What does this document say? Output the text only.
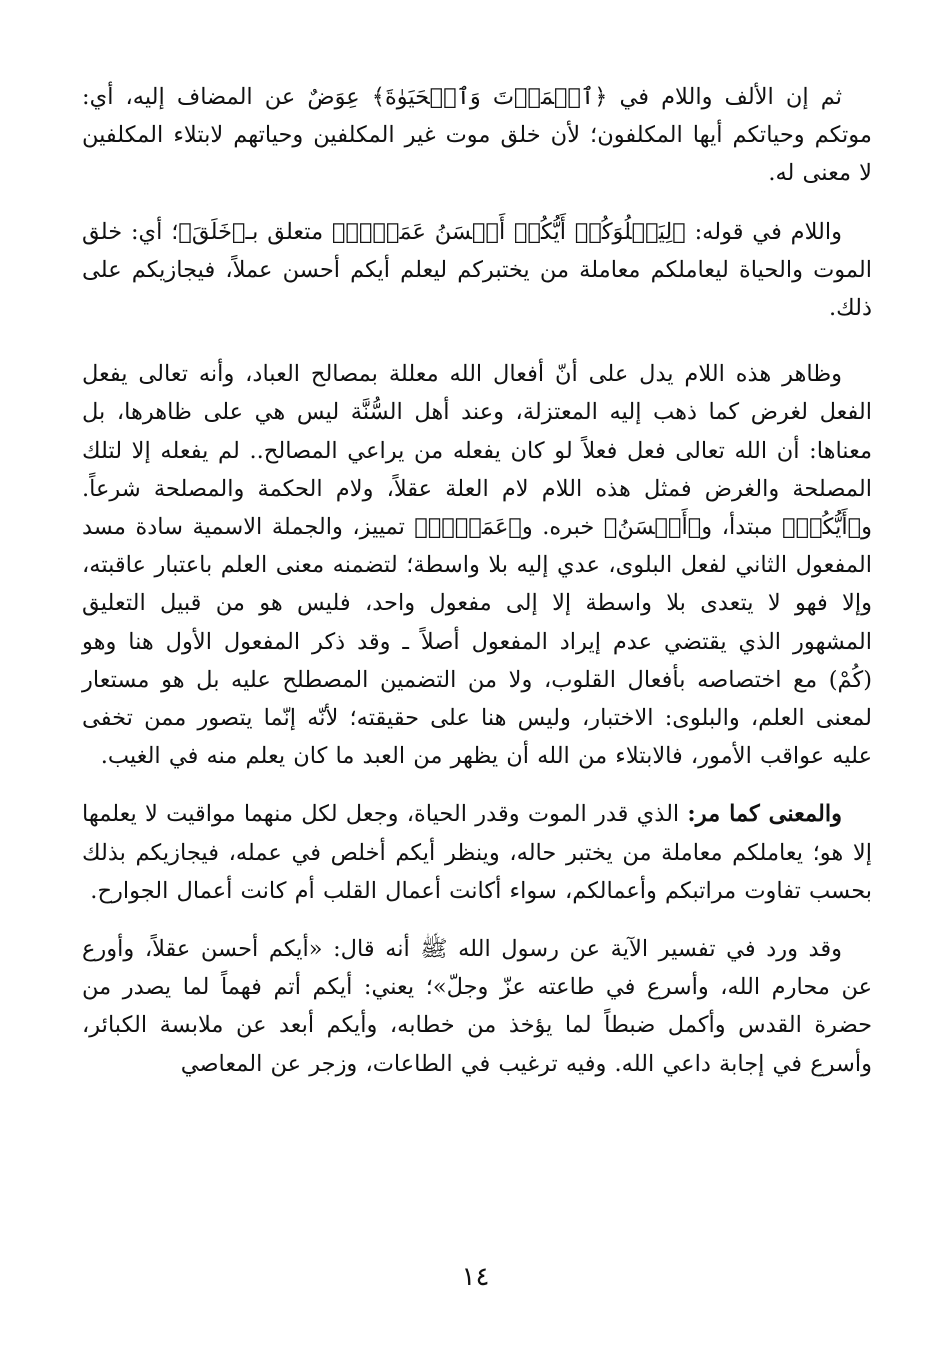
ثم إن الألف واللام في ﴿ٱلۡمَوۡتَ وَٱلۡحَيَوٰةَ﴾ عِوَضٌ عن المضاف إليه، أي: موتكم وحياتكم أيها المكلفون؛ لأن خلق موت غير المكلفين وحياتهم لابتلاء المكلفين لا معنى له.

واللام في قوله: ﴿لِيَبۡلُوَكُمۡ أَيُّكُمۡ أَحۡسَنُ عَمَلٗاۚ﴾ متعلق بـ﴿خَلَقَ﴾؛ أي: خلق الموت والحياة ليعاملكم معاملة من يختبركم ليعلم أيكم أحسن عملاً، فيجازيكم على ذلك.

وظاهر هذه اللام يدل على أنّ أفعال الله معللة بمصالح العباد، وأنه تعالى يفعل الفعل لغرض كما ذهب إليه المعتزلة، وعند أهل السُّنَّة ليس هي على ظاهرها، بل معناها: أن الله تعالى فعل فعلاً لو كان يفعله من يراعي المصالح.. لم يفعله إلا لتلك المصلحة والغرض فمثل هذه اللام لام العلة عقلاً، ولام الحكمة والمصلحة شرعاً. و﴿أَيُّكُمۡ﴾ مبتدأ، و﴿أَحۡسَنُ﴾ خبره. و﴿عَمَلٗاۚ﴾ تمييز، والجملة الاسمية سادة مسد المفعول الثاني لفعل البلوى، عدي إليه بلا واسطة؛ لتضمنه معنى العلم باعتبار عاقبته، وإلا فهو لا يتعدى بلا واسطة إلا إلى مفعول واحد، فليس هو من قبيل التعليق المشهور الذي يقتضي عدم إيراد المفعول أصلاً ـ وقد ذكر المفعول الأول هنا وهو (كُمْ) مع اختصاصه بأفعال القلوب، ولا من التضمين المصطلح عليه بل هو مستعار لمعنى العلم، والبلوى: الاختبار، وليس هنا على حقيقته؛ لأنّه إنّما يتصور ممن تخفى عليه عواقب الأمور، فالابتلاء من الله أن يظهر من العبد ما كان يعلم منه في الغيب.

والمعنى كما مر: الذي قدر الموت وقدر الحياة، وجعل لكل منهما مواقيت لا يعلمها إلا هو؛ يعاملكم معاملة من يختبر حاله، وينظر أيكم أخلص في عمله، فيجازيكم بذلك بحسب تفاوت مراتبكم وأعمالكم، سواء أكانت أعمال القلب أم كانت أعمال الجوارح.

وقد ورد في تفسير الآية عن رسول الله ﷺ أنه قال: «أيكم أحسن عقلاً، وأورع عن محارم الله، وأسرع في طاعته عزّ وجلّ»؛ يعني: أيكم أتم فهماً لما يصدر من حضرة القدس وأكمل ضبطاً لما يؤخذ من خطابه، وأيكم أبعد عن ملابسة الكبائر، وأسرع في إجابة داعي الله. وفيه ترغيب في الطاعات، وزجر عن المعاصي

١٤
